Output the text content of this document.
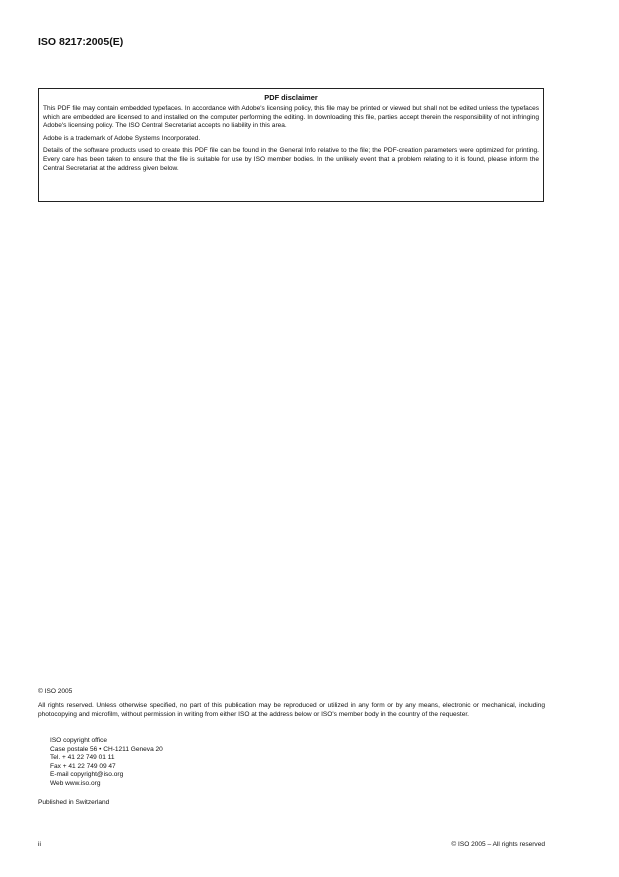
ISO 8217:2005(E)
PDF disclaimer

This PDF file may contain embedded typefaces. In accordance with Adobe's licensing policy, this file may be printed or viewed but shall not be edited unless the typefaces which are embedded are licensed to and installed on the computer performing the editing. In downloading this file, parties accept therein the responsibility of not infringing Adobe's licensing policy. The ISO Central Secretariat accepts no liability in this area.

Adobe is a trademark of Adobe Systems Incorporated.

Details of the software products used to create this PDF file can be found in the General Info relative to the file; the PDF-creation parameters were optimized for printing. Every care has been taken to ensure that the file is suitable for use by ISO member bodies. In the unlikely event that a problem relating to it is found, please inform the Central Secretariat at the address given below.

© ISO 2005

All rights reserved. Unless otherwise specified, no part of this publication may be reproduced or utilized in any form or by any means, electronic or mechanical, including photocopying and microfilm, without permission in writing from either ISO at the address below or ISO's member body in the country of the requester.

ISO copyright office
Case postale 56 • CH-1211 Geneva 20
Tel. + 41 22 749 01 11
Fax + 41 22 749 09 47
E-mail copyright@iso.org
Web www.iso.org
Published in Switzerland
ii	© ISO 2005 – All rights reserved
